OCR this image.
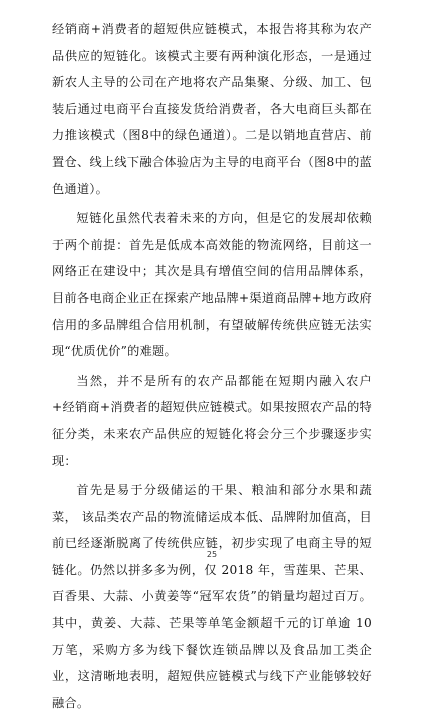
经销商+消费者的超短供应链模式，本报告将其称为农产品供应的短链化。该模式主要有两种演化形态，一是通过新农人主导的公司在产地将农产品集聚、分级、加工、包装后通过电商平台直接发货给消费者，各大电商巨头都在力推该模式（图8中的绿色通道）。二是以销地直营店、前置仓、线上线下融合体验店为主导的电商平台（图8中的蓝色通道）。

短链化虽然代表着未来的方向，但是它的发展却依赖于两个前提：首先是低成本高效能的物流网络，目前这一网络正在建设中；其次是具有增值空间的信用品牌体系，目前各电商企业正在探索产地品牌+渠道商品牌+地方政府信用的多品牌组合信用机制，有望破解传统供应链无法实现“优质优价”的难题。

当然，并不是所有的农产品都能在短期内融入农户+经销商+消费者的超短供应链模式。如果按照农产品的特征分类，未来农产品供应的短链化将会分三个步骤逐步实现：

首先是易于分级储运的干果、粮油和部分水果和蔬菜， 该品类农产品的物流储运成本低、品牌附加值高，目前已经逐渐脱离了传统供应链，初步实现了电商主导的短链化。仍然以拼多多为例，仅 2018 年，雪莲果、芒果、百香果、大蒜、小黄姜等“冠军农货”的销量均超过百万。其中，黄姜、大蒜、芒果等单笔金额超千元的订单逾 10 万笔，采购方多为线下餐饮连锁品牌以及食品加工类企业，这清晰地表明，超短供应链模式与线下产业能够较好融合。

25
